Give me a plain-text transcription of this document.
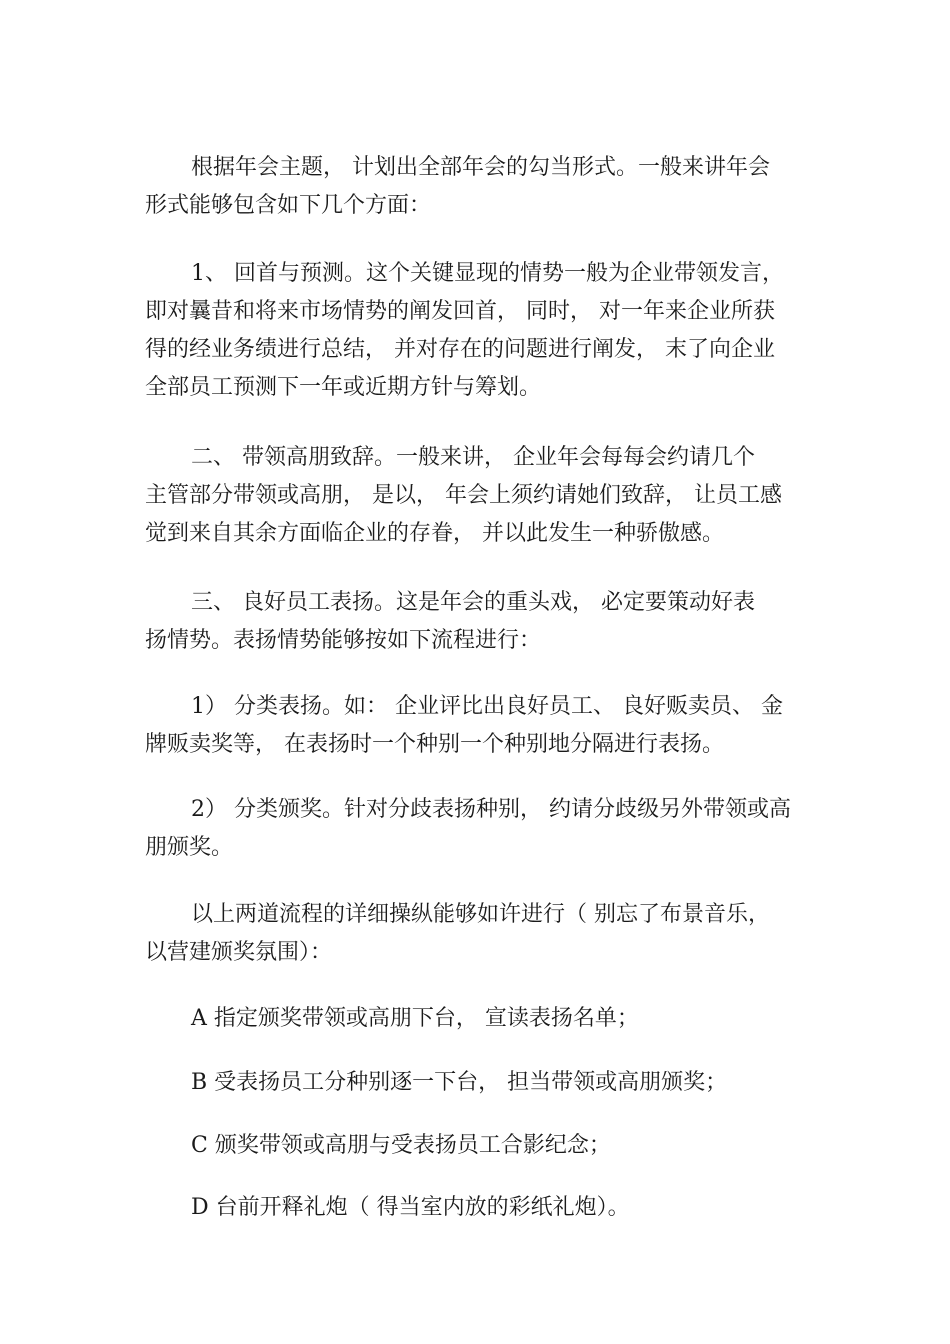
根据年会主题， 计划出全部年会的勾当形式。一般来讲年会
形式能够包含如下几个方面：

1、 回首与预测。这个关键显现的情势一般为企业带领发言，
即对曩昔和将来市场情势的阐发回首， 同时， 对一年来企业所获
得的经业务绩进行总结， 并对存在的问题进行阐发， 末了向企业
全部员工预测下一年或近期方针与筹划。

二、 带领高朋致辞。一般来讲， 企业年会每每会约请几个
主管部分带领或高朋， 是以， 年会上须约请她们致辞， 让员工感
觉到来自其余方面临企业的存眷， 并以此发生一种骄傲感。

三、 良好员工表扬。这是年会的重头戏， 必定要策动好表
扬情势。表扬情势能够按如下流程进行：

1） 分类表扬。如： 企业评比出良好员工、 良好贩卖员、 金
牌贩卖奖等， 在表扬时一个种别一个种别地分隔进行表扬。

2） 分类颁奖。针对分歧表扬种别， 约请分歧级另外带领或高
朋颁奖。

以上两道流程的详细操纵能够如许进行（ 别忘了布景音乐，
以营建颁奖氛围）：

A 指定颁奖带领或高朋下台， 宣读表扬名单；

B 受表扬员工分种别逐一下台， 担当带领或高朋颁奖；

C 颁奖带领或高朋与受表扬员工合影纪念；

D 台前开释礼炮（ 得当室内放的彩纸礼炮）。
